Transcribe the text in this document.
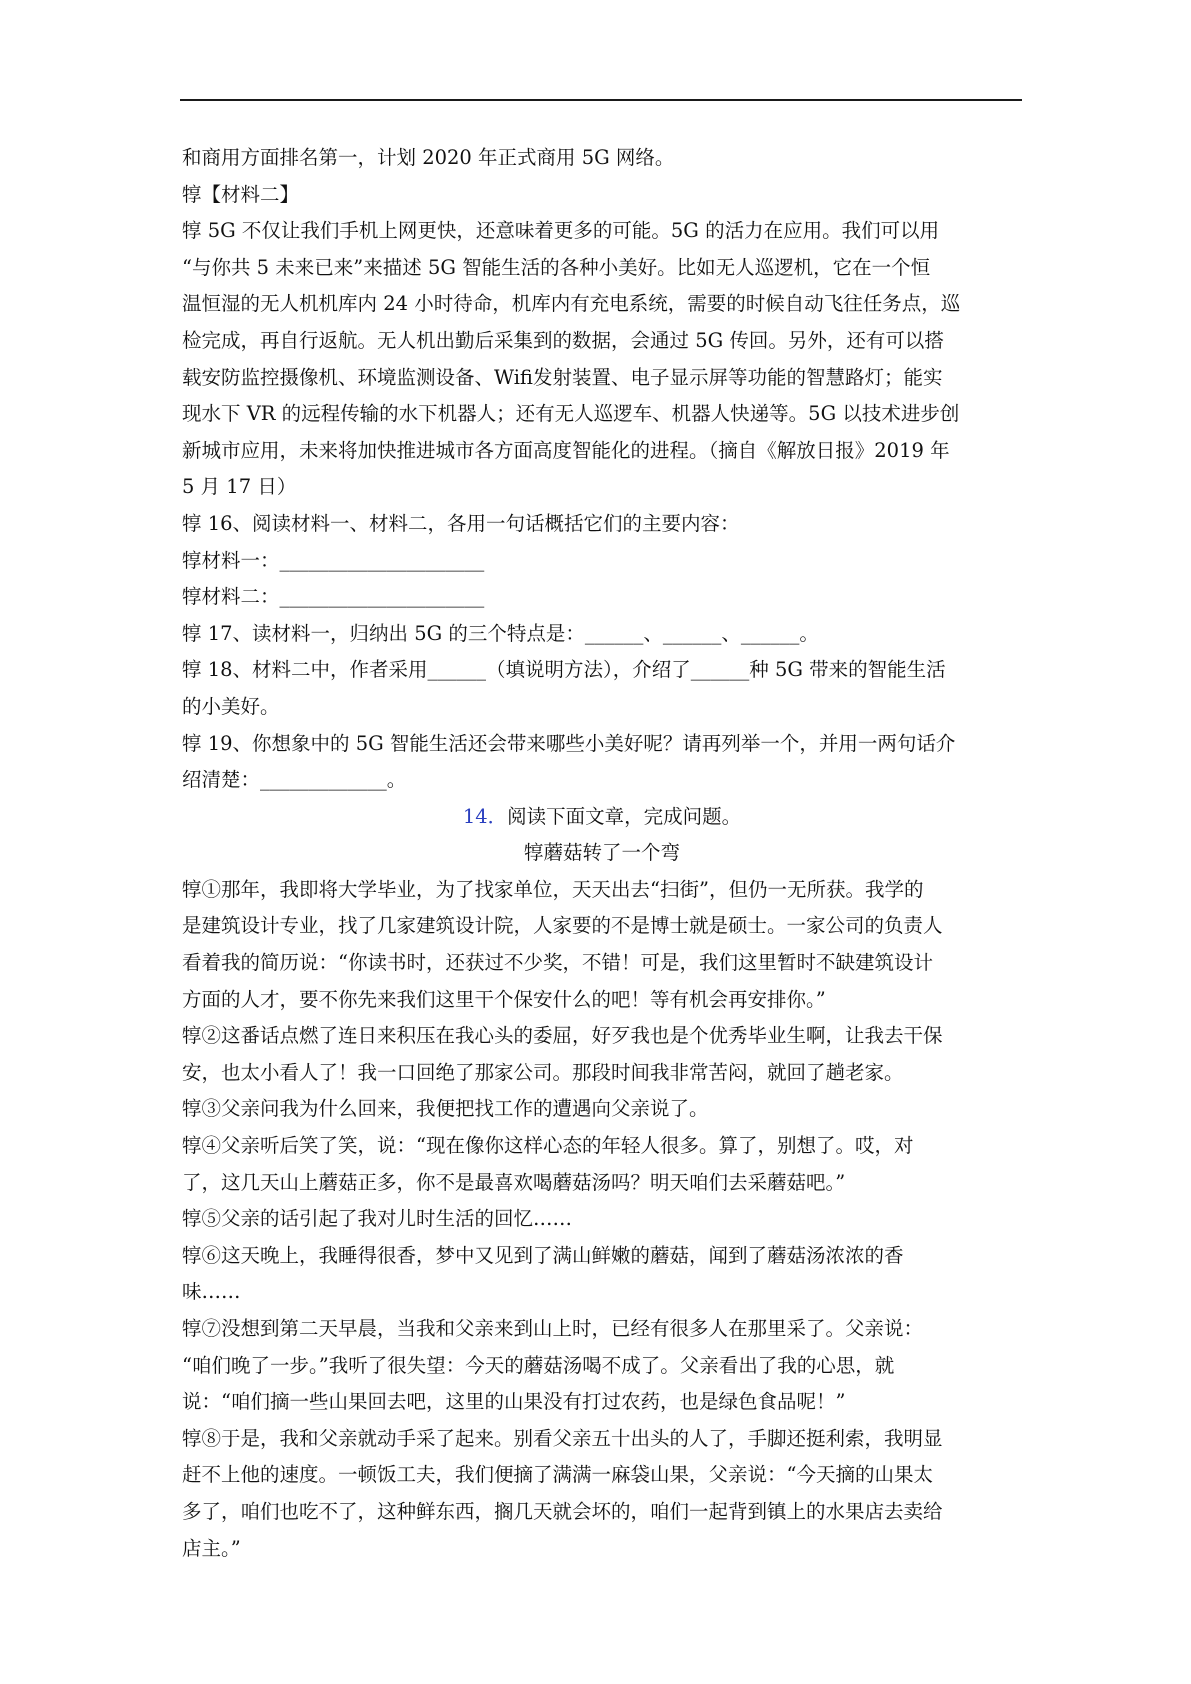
和商用方面排名第一，计划 2020 年正式商用 5G 网络。
犉【材料二】
犉 5G 不仅让我们手机上网更快，还意味着更多的可能。5G 的活力在应用。我们可以用
“与你共 5 未来已来”来描述 5G 智能生活的各种小美好。比如无人巡逻机，它在一个恒
温恒湿的无人机机库内 24 小时待命，机库内有充电系统，需要的时候自动飞往任务点，巡
检完成，再自行返航。无人机出勤后采集到的数据，会通过 5G 传回。另外，还有可以搭
载安防监控摄像机、环境监测设备、Wifi发射装置、电子显示屏等功能的智慧路灯；能实
现水下 VR 的远程传输的水下机器人；还有无人巡逻车、机器人快递等。5G 以技术进步创
新城市应用，未来将加快推进城市各方面高度智能化的进程。（摘自《解放日报》2019 年
5 月 17 日）
犉 16、阅读材料一、材料二，各用一句话概括它们的主要内容：
犉材料一：_____________________
犉材料二：_____________________
犉 17、读材料一，归纳出 5G 的三个特点是：______、______、______。
犉 18、材料二中，作者采用______（填说明方法），介绍了______种 5G 带来的智能生活
的小美好。
犉 19、你想象中的 5G 智能生活还会带来哪些小美好呢？请再列举一个，并用一两句话介
绍清楚：_____________。
14．阅读下面文章，完成问题。
犉蘑菇转了一个弯
犉①那年，我即将大学毕业，为了找家单位，天天出去“扫街”，但仍一无所获。我学的
是建筑设计专业，找了几家建筑设计院，人家要的不是博士就是硕士。一家公司的负责人
看着我的简历说：“你读书时，还获过不少奖，不错！可是，我们这里暂时不缺建筑设计
方面的人才，要不你先来我们这里干个保安什么的吧！等有机会再安排你。”
犉②这番话点燃了连日来积压在我心头的委屈，好歹我也是个优秀毕业生啊，让我去干保
安，也太小看人了！我一口回绝了那家公司。那段时间我非常苦闷，就回了趟老家。
犉③父亲问我为什么回来，我便把找工作的遭遇向父亲说了。
犉④父亲听后笑了笑，说：“现在像你这样心态的年轻人很多。算了，别想了。哎，对
了，这几天山上蘑菇正多，你不是最喜欢喝蘑菇汤吗？明天咱们去采蘑菇吧。”
犉⑤父亲的话引起了我对儿时生活的回忆……
犉⑥这天晚上，我睡得很香，梦中又见到了满山鲜嫩的蘑菇，闻到了蘑菇汤浓浓的香
味……
犉⑦没想到第二天早晨，当我和父亲来到山上时，已经有很多人在那里采了。父亲说：
“咱们晚了一步。”我听了很失望：今天的蘑菇汤喝不成了。父亲看出了我的心思，就
说：“咱们摘一些山果回去吧，这里的山果没有打过农药，也是绿色食品呢！”
犉⑧于是，我和父亲就动手采了起来。别看父亲五十出头的人了，手脚还挺利索，我明显
赶不上他的速度。一顿饭工夫，我们便摘了满满一麻袋山果，父亲说：“今天摘的山果太
多了，咱们也吃不了，这种鲜东西，搁几天就会坏的，咱们一起背到镇上的水果店去卖给
店主。”
